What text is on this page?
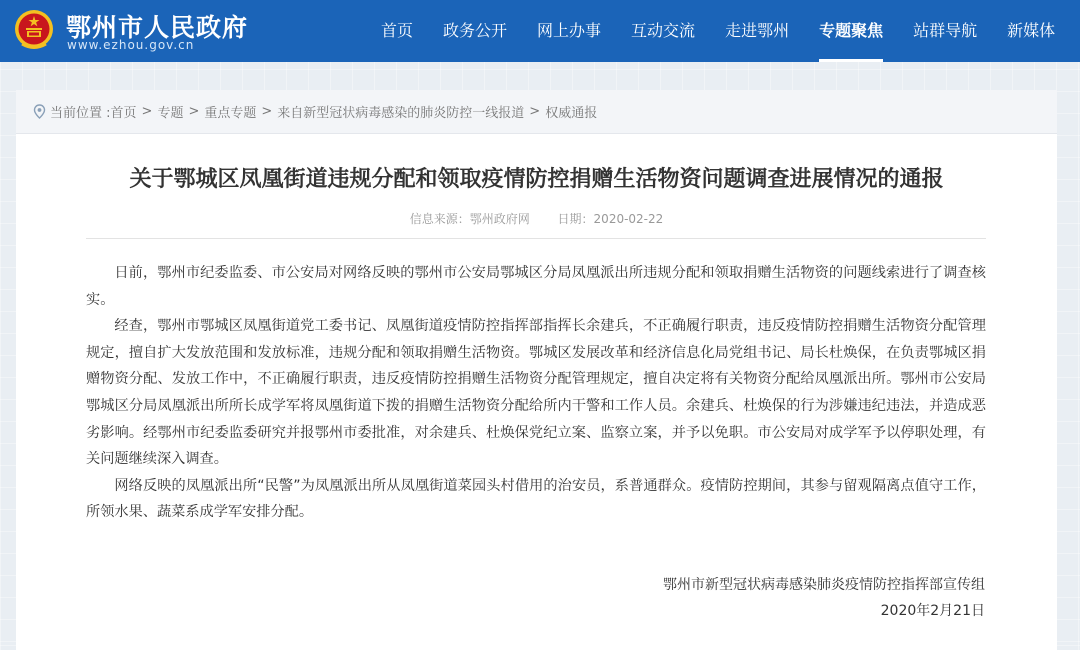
鄂州市人民政府
www.ezhou.gov.cn
首页	政务公开	网上办事	互动交流	走进鄂州	专题聚焦	站群导航	新媒体
当前位置 : 首页 > 专题 > 重点专题 > 来自新型冠状病毒感染的肺炎防控一线报道 > 权威通报
关于鄂城区凤凰街道违规分配和领取疫情防控捐赠生活物资问题调查进展情况的通报
信息来源：鄂州政府网 日期：2020-02-22

日前，鄂州市纪委监委、市公安局对网络反映的鄂州市公安局鄂城区分局凤凰派出所违规分配和领取捐赠生活物资的问题线索进行了调查核实。

经查，鄂州市鄂城区凤凰街道党工委书记、凤凰街道疫情防控指挥部指挥长余建兵，不正确履行职责，违反疫情防控捐赠生活物资分配管理规定，擅自扩大发放范围和发放标准，违规分配和领取捐赠生活物资。鄂城区发展改革和经济信息化局党组书记、局长杜焕保，在负责鄂城区捐赠物资分配、发放工作中，不正确履行职责，违反疫情防控捐赠生活物资分配管理规定，擅自决定将有关物资分配给凤凰派出所。鄂州市公安局鄂城区分局凤凰派出所所长成学军将凤凰街道下拨的捐赠生活物资分配给所内干警和工作人员。余建兵、杜焕保的行为涉嫌违纪违法，并造成恶劣影响。经鄂州市纪委监委研究并报鄂州市委批准，对余建兵、杜焕保党纪立案、监察立案，并予以免职。市公安局对成学军予以停职处理，有关问题继续深入调查。

网络反映的凤凰派出所“民警”为凤凰派出所从凤凰街道菜园头村借用的治安员，系普通群众。疫情防控期间，其参与留观隔离点值守工作，所领水果、蔬菜系成学军安排分配。

鄂州市新型冠状病毒感染肺炎疫情防控指挥部宣传组
2020年2月21日
